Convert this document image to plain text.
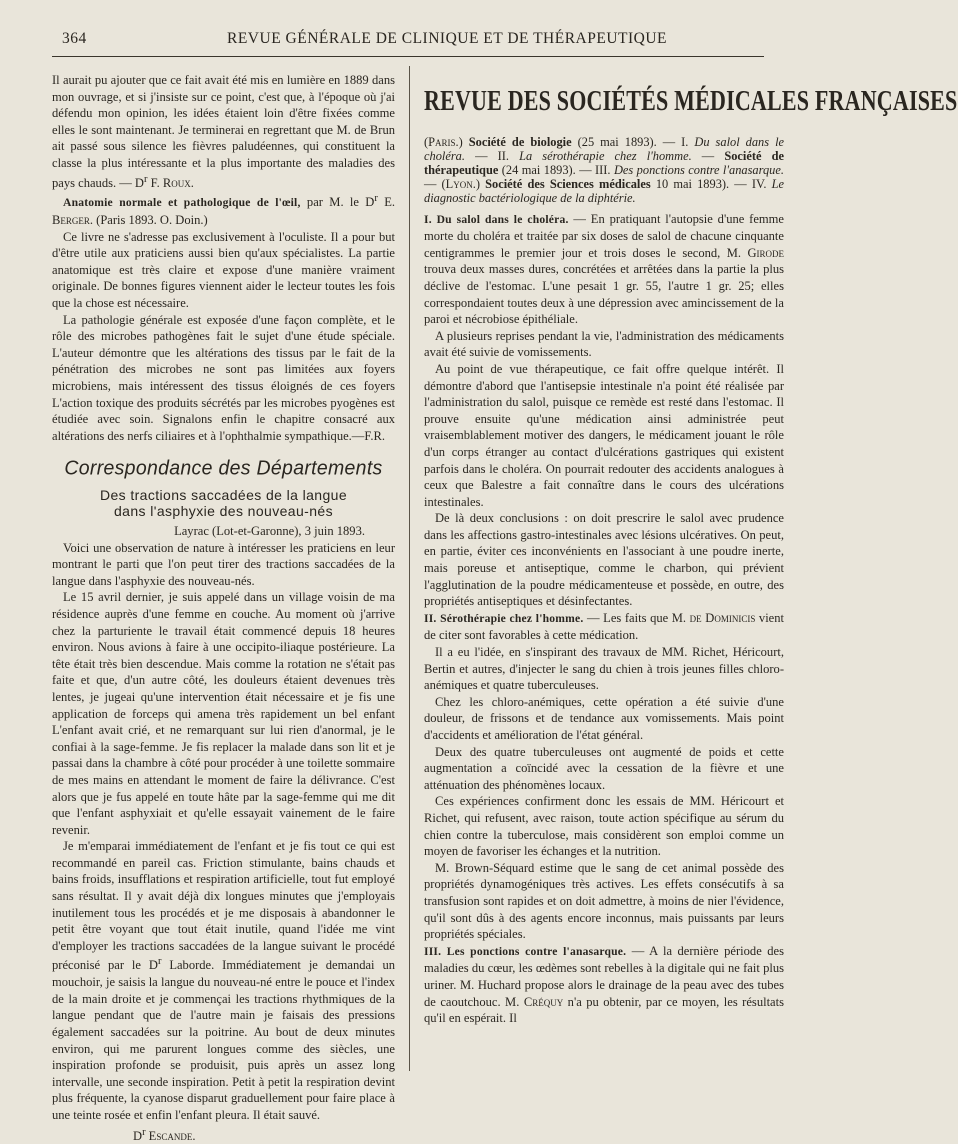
364	REVUE GÉNÉRALE DE CLINIQUE ET DE THÉRAPEUTIQUE

Il aurait pu ajouter que ce fait avait été mis en lumière en 1889 dans mon ouvrage, et si j'insiste sur ce point, c'est que, à l'époque où j'ai défendu mon opinion, les idées étaient loin d'être fixées comme elles le sont maintenant. Je terminerai en regrettant que M. de Brun ait passé sous silence les fièvres paludéennes, qui constituent la classe la plus intéressante et la plus importante des maladies des pays chauds. — $D^r$ F. Roux.

Anatomie normale et pathologique de l'œil, par M. le $D^r$ E. Berger. (Paris 1893. O. Doin.)

Ce livre ne s'adresse pas exclusivement à l'oculiste. Il a pour but d'être utile aux praticiens aussi bien qu'aux spécialistes. La partie anatomique est très claire et expose d'une manière vraiment originale. De bonnes figures viennent aider le lecteur toutes les fois que la chose est nécessaire.

La pathologie générale est exposée d'une façon complète, et le rôle des microbes pathogènes fait le sujet d'une étude spéciale. L'auteur démontre que les altérations des tissus par le fait de la pénétration des microbes ne sont pas limitées aux foyers microbiens, mais intéressent des tissus éloignés de ces foyers L'action toxique des produits sécrétés par les microbes pyogènes est étudiée avec soin. Signalons enfin le chapitre consacré aux altérations des nerfs ciliaires et à l'ophthalmie sympathique.—F.R.

Correspondance des Départements
Des tractions saccadées de la langue
dans l'asphyxie des nouveau-nés

Layrac (Lot-et-Garonne), 3 juin 1893.

Voici une observation de nature à intéresser les praticiens en leur montrant le parti que l'on peut tirer des tractions saccadées de la langue dans l'asphyxie des nouveau-nés.

Le 15 avril dernier, je suis appelé dans un village voisin de ma résidence auprès d'une femme en couche. Au moment où j'arrive chez la parturiente le travail était commencé depuis 18 heures environ. Nous avions à faire à une occipito-iliaque postérieure. La tête était très bien descendue. Mais comme la rotation ne s'était pas faite et que, d'un autre côté, les douleurs étaient devenues très lentes, je jugeai qu'une intervention était nécessaire et je fis une application de forceps qui amena très rapidement un bel enfant L'enfant avait crié, et ne remarquant sur lui rien d'anormal, je le confiai à la sage-femme. Je fis replacer la malade dans son lit et je passai dans la chambre à côté pour procéder à une toilette sommaire de mes mains en attendant le moment de faire la délivrance. C'est alors que je fus appelé en toute hâte par la sage-femme qui me dit que l'enfant asphyxiait et qu'elle essayait vainement de le faire revenir.

Je m'emparai immédiatement de l'enfant et je fis tout ce qui est recommandé en pareil cas. Friction stimulante, bains chauds et bains froids, insufflations et respiration artificielle, tout fut employé sans résultat. Il y avait déjà dix longues minutes que j'employais inutilement tous les procédés et je me disposais à abandonner le petit être voyant que tout était inutile, quand l'idée me vint d'employer les tractions saccadées de la langue suivant le procédé préconisé par le $D^r$ Laborde. Immédiatement je demandai un mouchoir, je saisis la langue du nouveau-né entre le pouce et l'index de la main droite et je commençai les tractions rhythmiques de la langue pendant que de l'autre main je faisais des pressions également saccadées sur la poitrine. Au bout de deux minutes environ, qui me parurent longues comme des siècles, une inspiration profonde se produisit, puis après un assez long intervalle, une seconde inspiration. Petit à petit la respiration devint plus fréquente, la cyanose disparut graduellement pour faire place à une teinte rosée et enfin l'enfant pleura. Il était sauvé.

$D^r$ Escande.

REVUE DES SOCIÉTÉS MÉDICALES FRANÇAISES

(Paris.) Société de biologie (25 mai 1893). — I. Du salol dans le choléra. — II. La sérothérapie chez l'homme. — Société de thérapeutique (24 mai 1893). — III. Des ponctions contre l'anasarque. — (Lyon.) Société des Sciences médicales 10 mai 1893). — IV. Le diagnostic bactériologique de la diphtérie.

I. Du salol dans le choléra. — En pratiquant l'autopsie d'une femme morte du choléra et traitée par six doses de salol de chacune cinquante centigrammes le premier jour et trois doses le second, M. Girode trouva deux masses dures, concrétées et arrêtées dans la partie la plus déclive de l'estomac. L'une pesait 1 gr. 55, l'autre 1 gr. 25; elles correspondaient toutes deux à une dépression avec amincissement de la paroi et nécrobiose épithéliale.

A plusieurs reprises pendant la vie, l'administration des médicaments avait été suivie de vomissements.

Au point de vue thérapeutique, ce fait offre quelque intérêt. Il démontre d'abord que l'antisepsie intestinale n'a point été réalisée par l'administration du salol, puisque ce remède est resté dans l'estomac. Il prouve ensuite qu'une médication ainsi administrée peut vraisemblablement motiver des dangers, le médicament jouant le rôle d'un corps étranger au contact d'ulcérations gastriques qui existent parfois dans le choléra. On pourrait redouter des accidents analogues à ceux que Balestre a fait connaître dans le cours des ulcérations intestinales.

De là deux conclusions : on doit prescrire le salol avec prudence dans les affections gastro-intestinales avec lésions ulcératives. On peut, en partie, éviter ces inconvénients en l'associant à une poudre inerte, mais poreuse et antiseptique, comme le charbon, qui prévient l'agglutination de la poudre médicamenteuse et possède, en outre, des propriétés antiseptiques et désinfectantes.

II. Sérothérapie chez l'homme. — Les faits que M. de Dominicis vient de citer sont favorables à cette médication.

Il a eu l'idée, en s'inspirant des travaux de MM. Richet, Héricourt, Bertin et autres, d'injecter le sang du chien à trois jeunes filles chloro-anémiques et quatre tuberculeuses.

Chez les chloro-anémiques, cette opération a été suivie d'une douleur, de frissons et de tendance aux vomissements. Mais point d'accidents et amélioration de l'état général.

Deux des quatre tuberculeuses ont augmenté de poids et cette augmentation a coïncidé avec la cessation de la fièvre et une atténuation des phénomènes locaux.

Ces expériences confirment donc les essais de MM. Héricourt et Richet, qui refusent, avec raison, toute action spécifique au sérum du chien contre la tuberculose, mais considèrent son emploi comme un moyen de favoriser les échanges et la nutrition.

M. Brown-Séquard estime que le sang de cet animal possède des propriétés dynamogéniques très actives. Les effets consécutifs à sa transfusion sont rapides et on doit admettre, à moins de nier l'évidence, qu'il sont dûs à des agents encore inconnus, mais puissants par leurs propriétés spéciales.

III. Les ponctions contre l'anasarque. — A la dernière période des maladies du cœur, les œdèmes sont rebelles à la digitale qui ne fait plus uriner. M. Huchard propose alors le drainage de la peau avec des tubes de caoutchouc. M. Créquy n'a pu obtenir, par ce moyen, les résultats qu'il en espérait. Il
